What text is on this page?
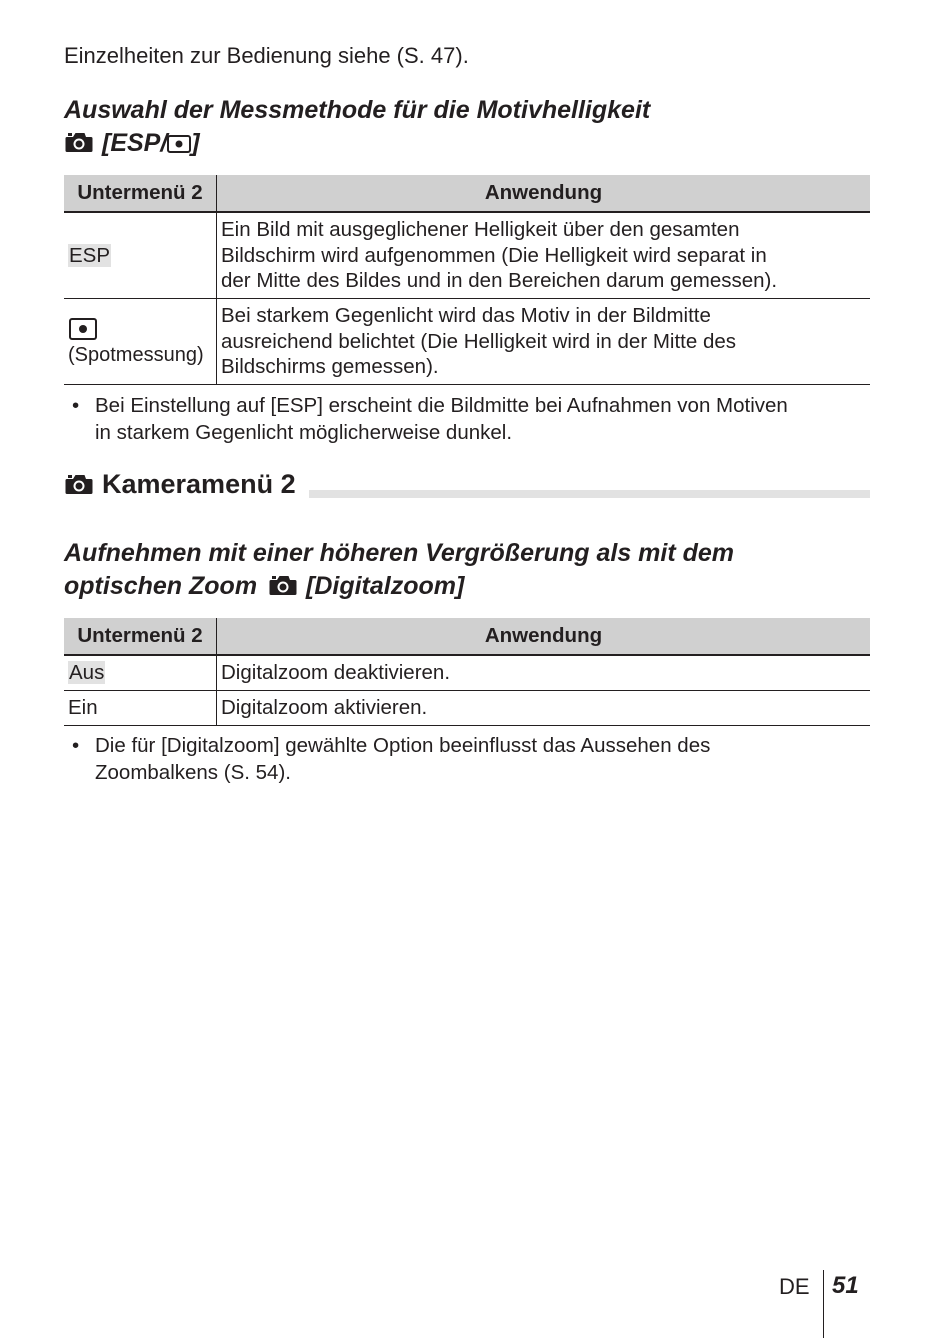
Einzelheiten zur Bedienung siehe (S. 47).

Auswahl der Messmethode für die Motivhelligkeit
[ESP/ ]
Untermenü 2	Anwendung
ESP	Ein Bild mit ausgeglichener Helligkeit über den gesamten
Bildschirm wird aufgenommen (Die Helligkeit wird separat in
der Mitte des Bildes und in den Bereichen darum gemessen).

(Spotmessung)	Bei starkem Gegenlicht wird das Motiv in der Bildmitte
ausreichend belichtet (Die Helligkeit wird in der Mitte des
Bildschirms gemessen).

• Bei Einstellung auf [ESP] erscheint die Bildmitte bei Aufnahmen von Motiven
in starkem Gegenlicht möglicherweise dunkel.

Kameramenü 2
Aufnehmen mit einer höheren Vergrößerung als mit dem
optischen Zoom [Digitalzoom]
Untermenü 2	Anwendung
Aus	Digitalzoom deaktivieren.
Ein	Digitalzoom aktivieren.

• Die für [Digitalzoom] gewählte Option beeinflusst das Aussehen des
Zoombalkens (S. 54).

DE 51
